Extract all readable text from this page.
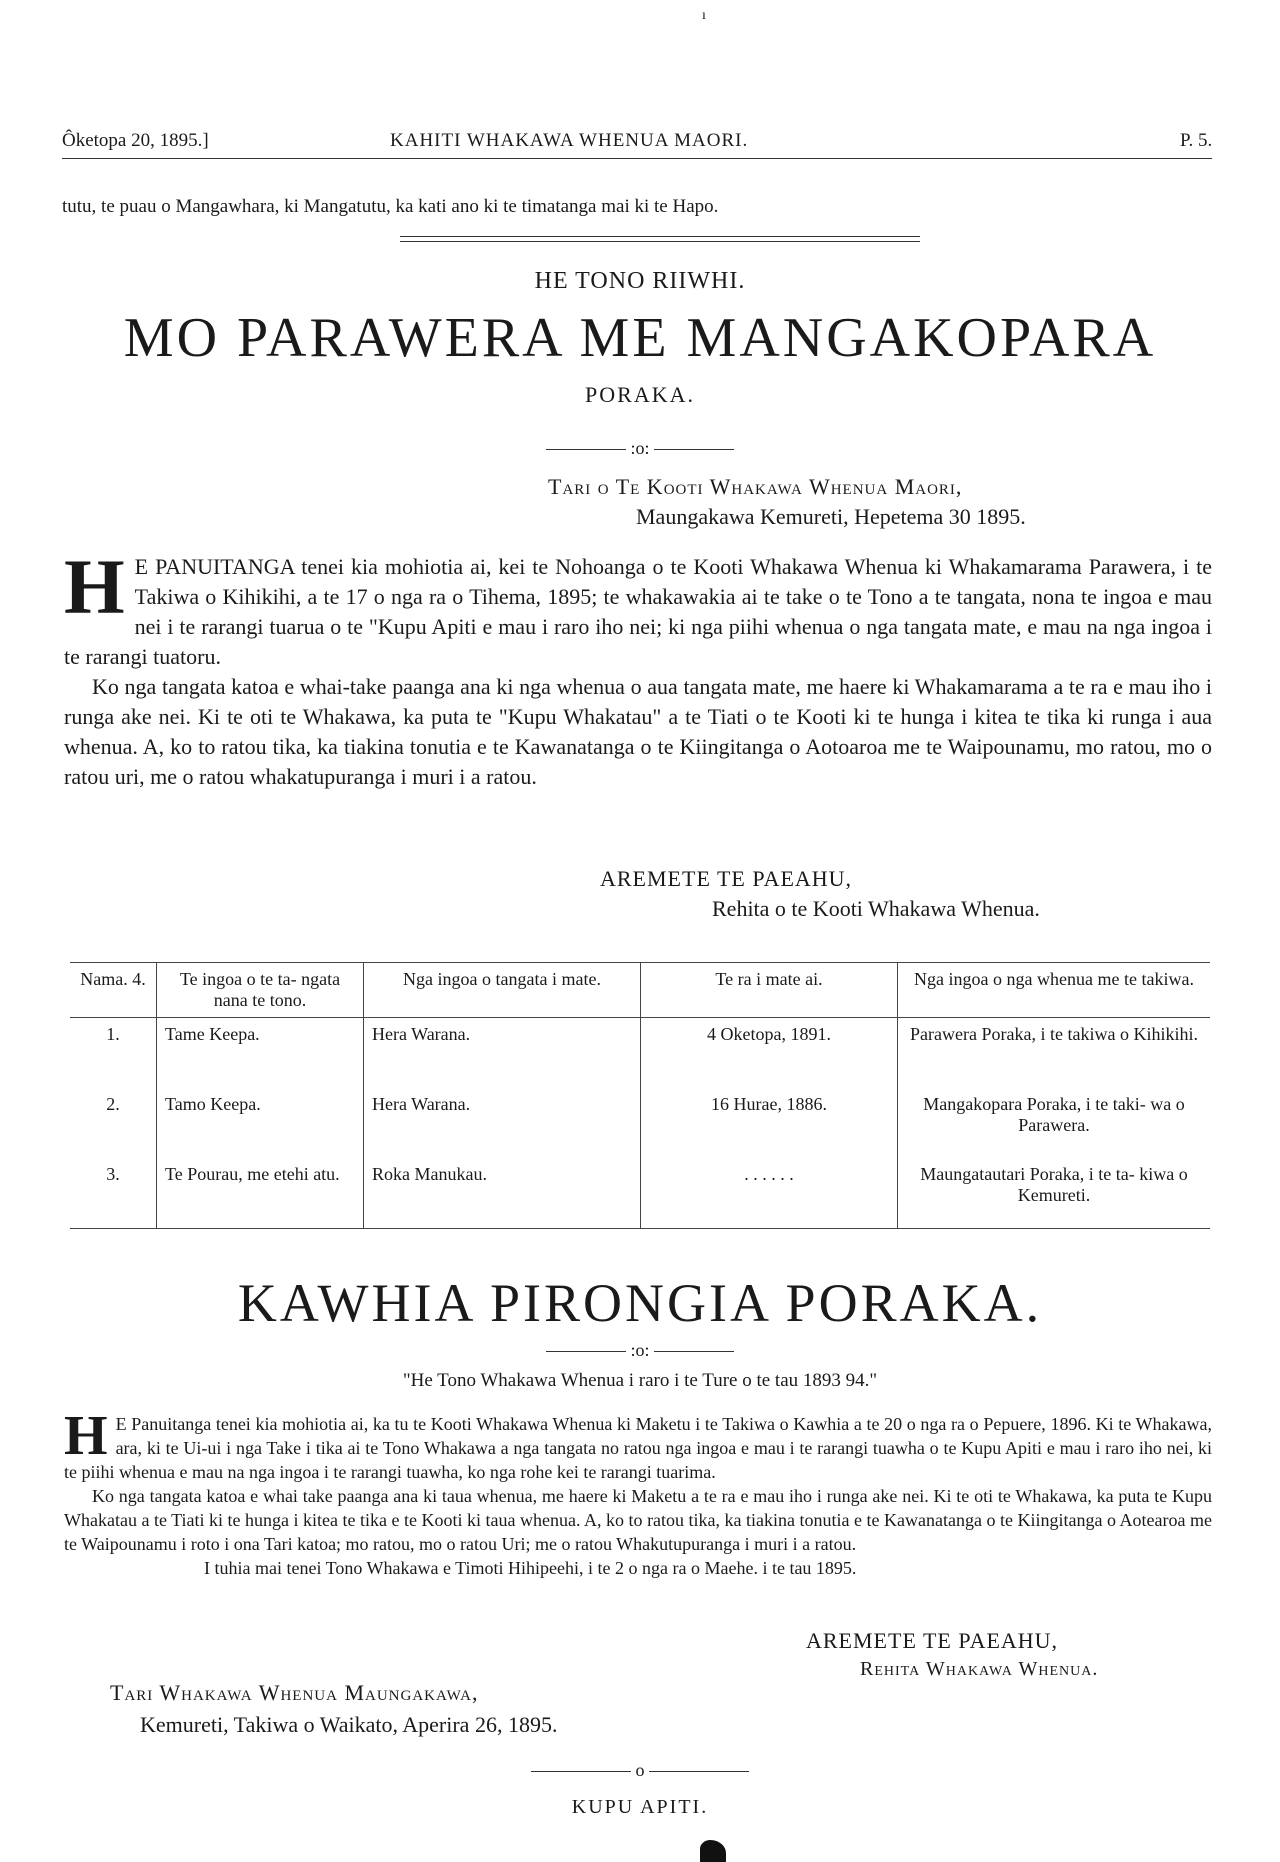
ı
Ôketopa 20, 1895.]	KAHITI WHAKAWA WHENUA MAORI.	P. 5.
tutu, te puau o Mangawhara, ki Mangatutu, ka kati ano ki te timatanga mai ki te Hapo.
HE TONO RIIWHI.
MO PARAWERA ME MANGAKOPARA
PORAKA.
:o:
Tari o Te Kooti Whakawa Whenua Maori,
Maungakawa Kemureti, Hepetema 30 1895.

H E PANUITANGA tenei kia mohiotia ai, kei te Nohoanga o te Kooti Whakawa Whenua ki Whakamarama Parawera, i te Takiwa o Kihikihi, a te 17 o nga ra o Tihema, 1895; te whakawakia ai te take o te Tono a te tangata, nona te ingoa e mau nei i te rarangi tuarua o te "Kupu Apiti e mau i raro iho nei; ki nga piihi whenua o nga tangata mate, e mau na nga ingoa i te rarangi tuatoru.

Ko nga tangata katoa e whai-take paanga ana ki nga whenua o aua tangata mate, me haere ki Whakamarama a te ra e mau iho i runga ake nei. Ki te oti te Whakawa, ka puta te "Kupu Whakatau" a te Tiati o te Kooti ki te hunga i kitea te tika ki runga i aua whenua. A, ko to ratou tika, ka tiakina tonutia e te Kawanatanga o te Kiingitanga o Aotoaroa me te Waipounamu, mo ratou, mo o ratou uri, me o ratou whakatupuranga i muri i a ratou.

AREMETE TE PAEAHU,
Rehita o te Kooti Whakawa Whenua.
Nama. 4.	Te ingoa o te ta- ngata nana te tono.	Nga ingoa o tangata i mate.	Te ra i mate ai.	Nga ingoa o nga whenua me te takiwa.
1.	Tame Keepa.	Hera Warana.	4 Oketopa, 1891.	Parawera Poraka, i te takiwa o Kihikihi.
2.	Tamo Keepa.	Hera Warana.	16 Hurae, 1886.	Mangakopara Poraka, i te taki- wa o Parawera.
3.	Te Pourau, me etehi atu.	Roka Manukau.	. . . . . .	Maungatautari Poraka, i te ta- kiwa o Kemureti.
KAWHIA PIRONGIA PORAKA.
:o:
"He Tono Whakawa Whenua i raro i te Ture o te tau 1893 94."

H E Panuitanga tenei kia mohiotia ai, ka tu te Kooti Whakawa Whenua ki Maketu i te Takiwa o Kawhia a te 20 o nga ra o Pepuere, 1896. Ki te Whakawa, ara, ki te Ui-ui i nga Take i tika ai te Tono Whakawa a nga tangata no ratou nga ingoa e mau i te rarangi tuawha o te Kupu Apiti e mau i raro iho nei, ki te piihi whenua e mau na nga ingoa i te rarangi tuawha, ko nga rohe kei te rarangi tuarima.

Ko nga tangata katoa e whai take paanga ana ki taua whenua, me haere ki Maketu a te ra e mau iho i runga ake nei. Ki te oti te Whakawa, ka puta te Kupu Whakatau a te Tiati ki te hunga i kitea te tika e te Kooti ki taua whenua. A, ko to ratou tika, ka tiakina tonutia e te Kawanatanga o te Kiingitanga o Aotearoa me te Waipounamu i roto i ona Tari katoa; mo ratou, mo o ratou Uri; me o ratou Whakutupuranga i muri i a ratou.

I tuhia mai tenei Tono Whakawa e Timoti Hihipeehi, i te 2 o nga ra o Maehe. i te tau 1895.

AREMETE TE PAEAHU,
Rehita Whakawa Whenua.
Tari Whakawa Whenua Maungakawa,
Kemureti, Takiwa o Waikato, Aperira 26, 1895.
o
KUPU APITI.
